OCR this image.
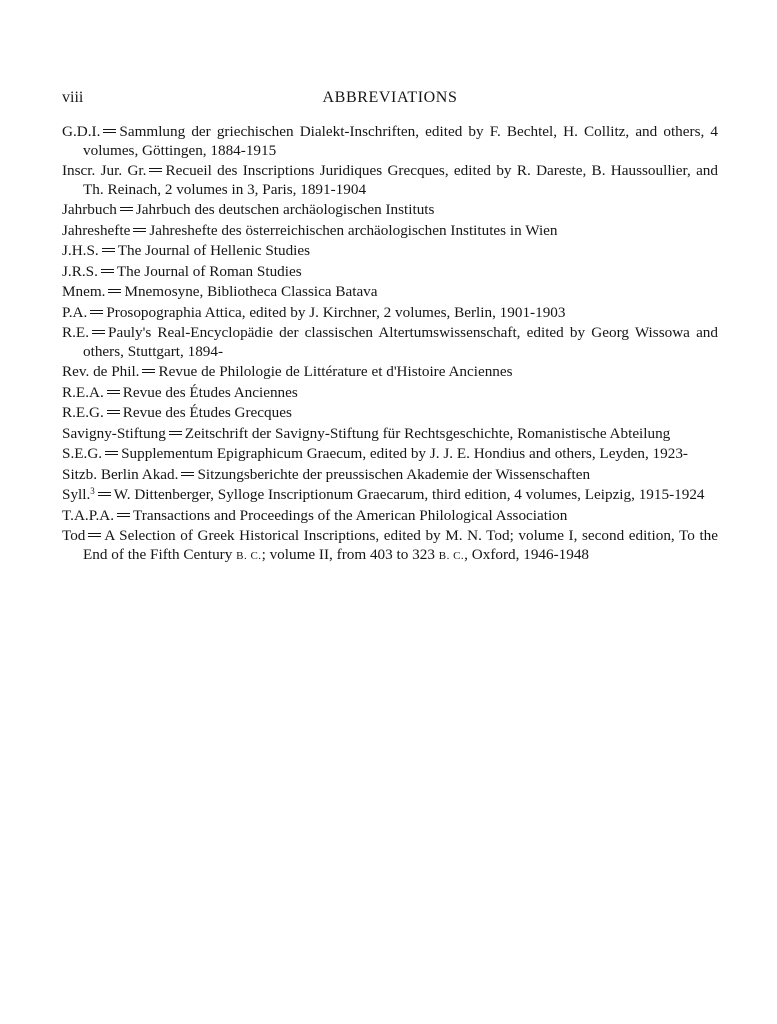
viii	ABBREVIATIONS
G.D.I. Sammlung der griechischen Dialekt-Inschriften, edited by F. Bechtel, H. Collitz, and others, 4 volumes, Göttingen, 1884-1915
Inscr. Jur. Gr. Recueil des Inscriptions Juridiques Grecques, edited by R. Dareste, B. Haussoullier, and Th. Reinach, 2 volumes in 3, Paris, 1891-1904
Jahrbuch Jahrbuch des deutschen archäologischen Instituts
Jahreshefte Jahreshefte des österreichischen archäologischen Institutes in Wien
J.H.S. The Journal of Hellenic Studies
J.R.S. The Journal of Roman Studies
Mnem. Mnemosyne, Bibliotheca Classica Batava
P.A. Prosopographia Attica, edited by J. Kirchner, 2 volumes, Berlin, 1901-1903
R.E. Pauly's Real-Encyclopädie der classischen Altertumswissenschaft, edited by Georg Wissowa and others, Stuttgart, 1894-
Rev. de Phil. Revue de Philologie de Littérature et d'Histoire Anciennes
R.E.A. Revue des Études Anciennes
R.E.G. Revue des Études Grecques
Savigny-Stiftung Zeitschrift der Savigny-Stiftung für Rechtsgeschichte, Romanistische Abteilung
S.E.G. Supplementum Epigraphicum Graecum, edited by J. J. E. Hondius and others, Leyden, 1923-
Sitzb. Berlin Akad. Sitzungsberichte der preussischen Akademie der Wissenschaften
Syll.$^3$ W. Dittenberger, Sylloge Inscriptionum Graecarum, third edition, 4 volumes, Leipzig, 1915-1924
T.A.P.A. Transactions and Proceedings of the American Philological Association
Tod A Selection of Greek Historical Inscriptions, edited by M. N. Tod; volume I, second edition, To the End of the Fifth Century B. C.; volume II, from 403 to 323 B. C., Oxford, 1946-1948
